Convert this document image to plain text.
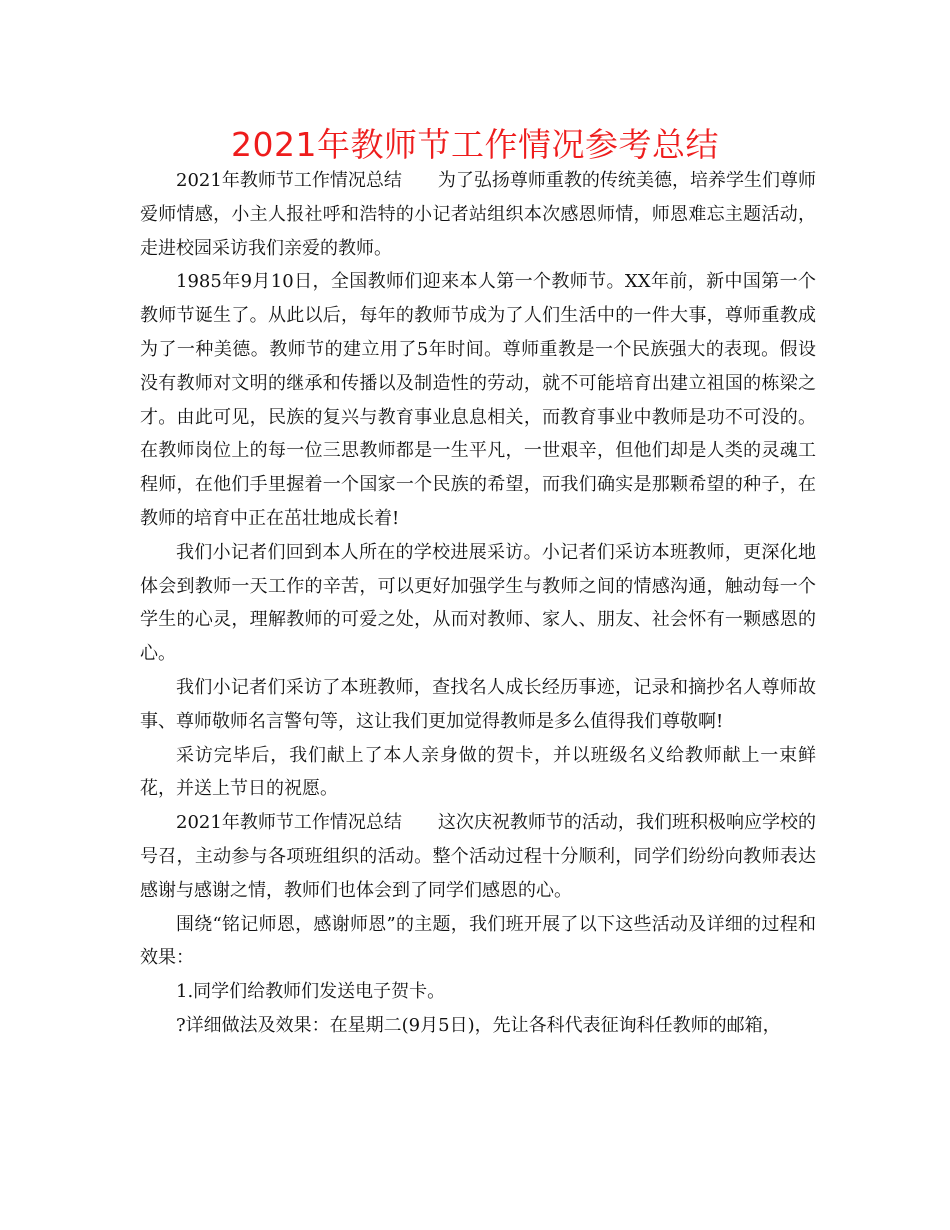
2021年教师节工作情况参考总结

2021年教师节工作情况总结　　为了弘扬尊师重教的传统美德，培养学生们尊师爱师情感，小主人报社呼和浩特的小记者站组织本次感恩师情，师恩难忘主题活动，走进校园采访我们亲爱的教师。

1985年9月10日，全国教师们迎来本人第一个教师节。XX年前，新中国第一个教师节诞生了。从此以后，每年的教师节成为了人们生活中的一件大事，尊师重教成为了一种美德。教师节的建立用了5年时间。尊师重教是一个民族强大的表现。假设没有教师对文明的继承和传播以及制造性的劳动，就不可能培育出建立祖国的栋梁之才。由此可见，民族的复兴与教育事业息息相关，而教育事业中教师是功不可没的。在教师岗位上的每一位三思教师都是一生平凡，一世艰辛，但他们却是人类的灵魂工程师，在他们手里握着一个国家一个民族的希望，而我们确实是那颗希望的种子，在教师的培育中正在茁壮地成长着!

我们小记者们回到本人所在的学校进展采访。小记者们采访本班教师，更深化地体会到教师一天工作的辛苦，可以更好加强学生与教师之间的情感沟通，触动每一个学生的心灵，理解教师的可爱之处，从而对教师、家人、朋友、社会怀有一颗感恩的心。

我们小记者们采访了本班教师，查找名人成长经历事迹，记录和摘抄名人尊师故事、尊师敬师名言警句等，这让我们更加觉得教师是多么值得我们尊敬啊!

采访完毕后，我们献上了本人亲身做的贺卡，并以班级名义给教师献上一束鲜花，并送上节日的祝愿。

2021年教师节工作情况总结　　这次庆祝教师节的活动，我们班积极响应学校的号召，主动参与各项班组织的活动。整个活动过程十分顺利，同学们纷纷向教师表达感谢与感谢之情，教师们也体会到了同学们感恩的心。

围绕“铭记师恩，感谢师恩”的主题，我们班开展了以下这些活动及详细的过程和效果：

1.同学们给教师们发送电子贺卡。

?详细做法及效果：在星期二(9月5日)，先让各科代表征询科任教师的邮箱，
